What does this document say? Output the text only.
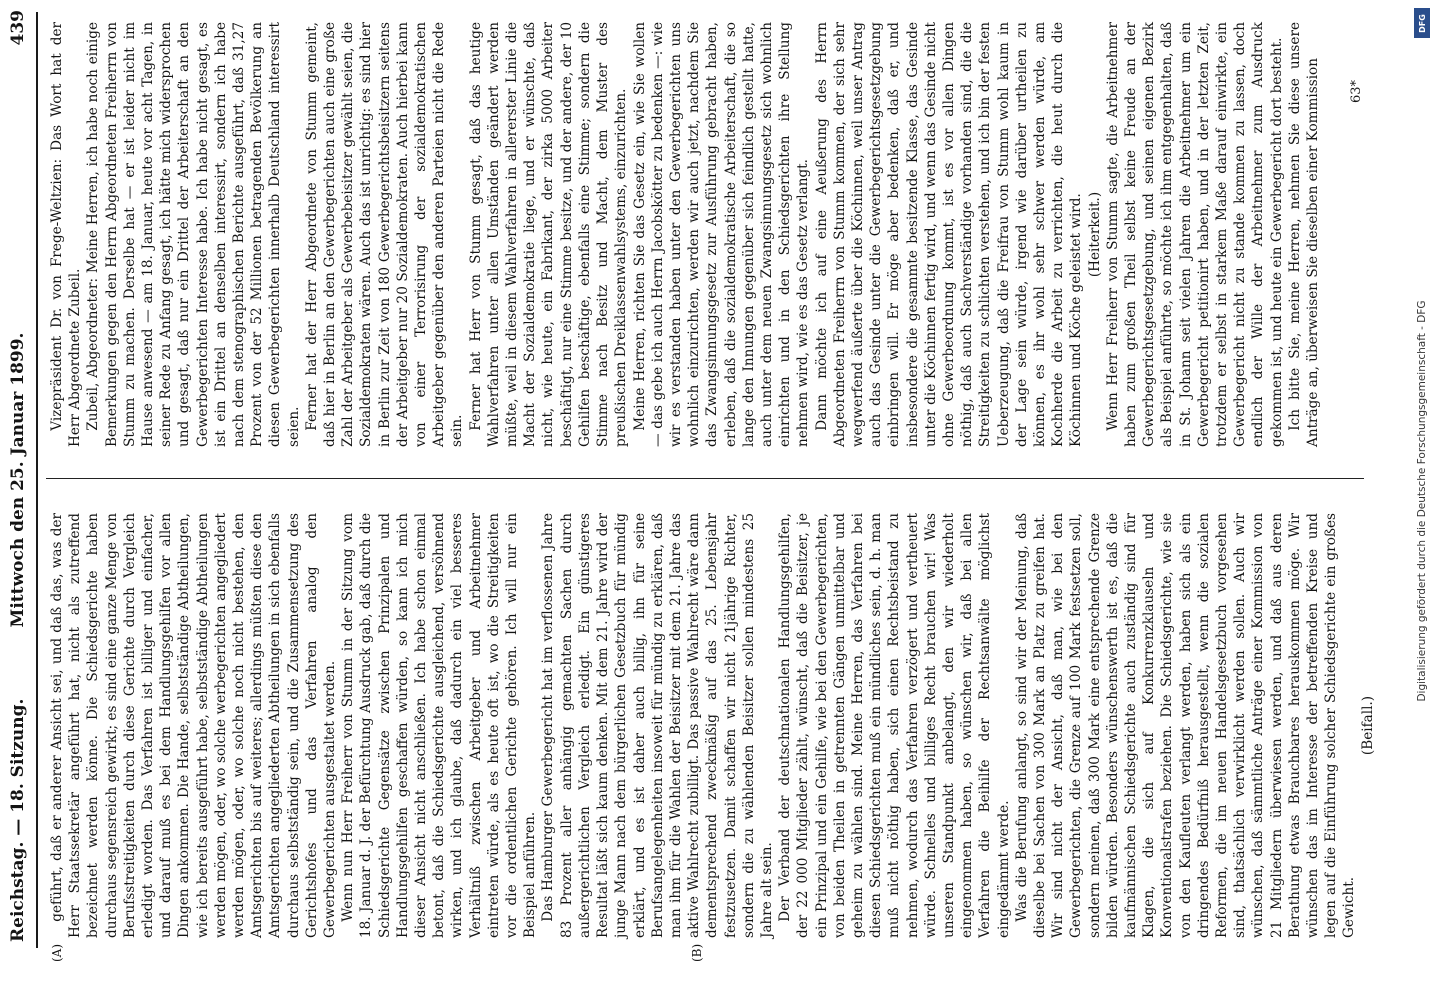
Reichstag. — 18. Sitzung.
Mittwoch den 25. Januar 1899.
439
(A)	(B)

geführt, daß er anderer Ansicht sei, und daß das, was der Herr Staatssekretär angeführt hat, nicht als zutreffend bezeichnet werden könne. Die Schiedsgerichte haben durchaus segensreich gewirkt; es sind eine ganze Menge von Berufsstreitigkeiten durch diese Gerichte durch Vergleich erledigt worden. Das Verfahren ist billiger und einfacher, und darauf muß es bei dem Handlungsgehilfen vor allen Dingen ankommen. Die Hande, selbstständige Abtheilungen, wie ich bereits ausgeführt habe, selbstständige Abtheilungen werden mögen, oder, wo solche werbegerichten angegliedert werden mögen, oder, wo solche noch nicht bestehen, den Amtsgerichten bis auf weiteres; allerdings müßten diese den Amtsgerichten angegliederten Abtheilungen in sich ebenfalls durchaus selbstständig sein, und die Zusammensetzung des Gerichtshofes und das Verfahren analog den Gewerbegerichten ausgestaltet werden. Wenn nun Herr Freiherr von Stumm in der Sitzung vom 18. Januar d. J. der Befürchtung Ausdruck gab, daß durch die Schiedsgerichte Gegensätze zwischen Prinzipalen und Handlungsgehilfen geschaffen würden, so kann ich mich dieser Ansicht nicht anschließen. Ich habe schon einmal betont, daß die Schiedsgerichte ausgleichend, versöhnend wirken, und ich glaube, daß dadurch ein viel besseres Verhältniß zwischen Arbeitgeber und Arbeitnehmer eintreten würde, als es heute oft ist, wo die Streitigkeiten vor die ordentlichen Gerichte gehören. Ich will nur ein Beispiel anführen. Das Hamburger Gewerbegericht hat im verflossenen Jahre 83 Prozent aller anhängig gemachten Sachen durch außergerichtlichen Vergleich erledigt. Ein günstigeres Resultat läßt sich kaum denken. Mit dem 21. Jahre wird der junge Mann nach dem bürgerlichen Gesetzbuch für mündig erklärt, und es ist daher auch billig, ihn für seine Berufsangelegenheiten insoweit für mündig zu erklären, daß man ihm für die Wahlen der Beisitzer mit dem 21. Jahre das aktive Wahlrecht zubilligt. Das passive Wahlrecht wäre dann dementsprechend zweckmäßig auf das 25. Lebensjahr festzusetzen. Damit schaffen wir nicht 21jährige Richter, sondern die zu wählenden Beisitzer sollen mindestens 25 Jahre alt sein. Der Verband der deutschnationalen Handlungsgehilfen, der 22 000 Mitglieder zählt, wünscht, daß die Beisitzer, je ein Prinzipal und ein Gehilfe, wie bei den Gewerbegerichten, von beiden Theilen in getrennten Gängen unmittelbar und geheim zu wählen sind. Meine Herren, das Verfahren bei diesen Schiedsgerichten muß ein mündliches sein, d. h. man muß nicht nöthig haben, sich einen Rechtsbeistand zu nehmen, wodurch das Verfahren verzögert und vertheuert würde. Schnelles und billiges Recht brauchen wir! Was unseren Standpunkt anbelangt, den wir wiederholt eingenommen haben, so wünschen wir, daß bei allen Verfahren die Beihilfe der Rechtsanwälte möglichst eingedämmt werde. Was die Berufung anlangt, so sind wir der Meinung, daß dieselbe bei Sachen von 300 Mark an Platz zu greifen hat. Wir sind nicht der Ansicht, daß man, wie bei den Gewerbegerichten, die Grenze auf 100 Mark festsetzen soll, sondern meinen, daß 300 Mark eine entsprechende Grenze bilden würden. Besonders wünschenswerth ist es, daß die kaufmännischen Schiedsgerichte auch zuständig sind für Klagen, die sich auf Konkurrenzklauseln und Konventionalstrafen beziehen. Die Schiedsgerichte, wie sie von den Kaufleuten verlangt werden, haben sich als ein dringendes Bedürfniß herausgestellt, wenn die sozialen Reformen, die im neuen Handelsgesetzbuch vorgesehen sind, thatsächlich verwirklicht werden sollen. Auch wir wünschen, daß sämmtliche Anträge einer Kommission von 21 Mitgliedern überwiesen werden, und daß aus deren Berathung etwas Brauchbares herauskommen möge. Wir wünschen das im Interesse der betreffenden Kreise und legen auf die Einführung solcher Schiedsgerichte ein großes Gewicht.

(Beifall.)

Vizepräsident Dr. von Frege-Weltzien: Das Wort hat der Herr Abgeordnete Zubeil. Zubeil, Abgeordneter: Meine Herren, ich habe noch einige Bemerkungen gegen den Herrn Abgeordneten Freiherrn von Stumm zu machen. Derselbe hat — er ist leider nicht im Hause anwesend — am 18. Januar, heute vor acht Tagen, in seiner Rede zu Anfang gesagt, ich hätte mich widersprochen und gesagt, daß nur ein Drittel der Arbeiterschaft an den Gewerbegerichten Interesse habe. Ich habe nicht gesagt, es ist ein Drittel an denselben interessirt, sondern ich habe nach dem stenographischen Berichte ausgeführt, daß 31,27 Prozent von der 52 Millionen betragenden Bevölkerung an diesen Gewerbegerichten innerhalb Deutschland interessirt seien. Ferner hat der Herr Abgeordnete von Stumm gemeint, daß hier in Berlin an den Gewerbegerichten auch eine große Zahl der Arbeitgeber als Gewerbebeisitzer gewählt seien, die Sozialdemokraten wären. Auch das ist unrichtig: es sind hier in Berlin zur Zeit von 180 Gewerbegerichtsbeisitzern seitens der Arbeitgeber nur 20 Sozialdemokraten. Auch hierbei kann von einer Terrorisirung der sozialdemokratischen Arbeitgeber gegenüber den anderen Parteien nicht die Rede sein.

Ferner hat Herr von Stumm gesagt, daß das heutige Wahlverfahren unter allen Umständen geändert werden müßte, weil in diesem Wahlverfahren in allererster Linie die Macht der Sozialdemokratie liege, und er wünschte, daß nicht, wie heute, ein Fabrikant, der zirka 5000 Arbeiter beschäftigt, nur eine Stimme besitze, und der andere, der 10 Gehilfen beschäftige, ebenfalls eine Stimme; sondern die Stimme nach Besitz und Macht, dem Muster des preußischen Dreiklassenwahlsystems, einzurichten. Meine Herren, richten Sie das Gesetz ein, wie Sie wollen — das gebe ich auch Herrn Jacobskötter zu bedenken —: wie wir es verstanden haben unter den Gewerbegerichten uns wohnlich einzurichten, werden wir auch jetzt, nachdem Sie das Zwangsinnungsgesetz zur Ausführung gebracht haben, erleben, daß die sozialdemokratische Arbeiterschaft, die so lange den Innungen gegenüber sich feindlich gestellt hatte, auch unter dem neuen Zwangsinnungsgesetz sich wohnlich einrichten und in den Schiedsgerichten ihre Stellung nehmen wird, wie es das Gesetz verlangt. Dann möchte ich auf eine Aeußerung des Herrn Abgeordneten Freiherrn von Stumm kommen, der sich sehr wegwerfend äußerte über die Köchinnen, weil unser Antrag auch das Gesinde unter die Gewerbegerichtsgesetzgebung einbringen will. Er möge aber bedenken, daß er, und insbesondere die gesammte besitzende Klasse, das Gesinde unter die Köchinnen fertig wird, und wenn das Gesinde nicht ohne Gewerbeordnung kommt, ist es vor allen Dingen nöthig, daß auch Sachverständige vorhanden sind, die die Streitigkeiten zu schlichten verstehen, und ich bin der festen Ueberzeugung, daß die Freifrau von Stumm wohl kaum in der Lage sein würde, irgend wie darüber urtheilen zu können, es ihr wohl sehr schwer werden würde, am Kochherde die Arbeit zu verrichten, die heut durch die Köchinnen und Köche geleistet wird. (Heiterkeit.) Wenn Herr Freiherr von Stumm sagte, die Arbeitnehmer haben zum großen Theil selbst keine Freude an der Gewerbegerichtsgesetzgebung, und seinen eigenen Bezirk als Beispiel anführte, so möchte ich ihm entgegenhalten, daß in St. Johann seit vielen Jahren die Arbeitnehmer um ein Gewerbegericht petitionirt haben, und in der letzten Zeit, trotzdem er selbst in starkem Maße darauf einwirkte, ein Gewerbegericht nicht zu stande kommen zu lassen, doch endlich der Wille der Arbeitnehmer zum Ausdruck gekommen ist, und heute ein Gewerbegericht dort besteht. Ich bitte Sie, meine Herren, nehmen Sie diese unsere Anträge an, überweisen Sie dieselben einer Kommission 63*
DFG
Digitalisierung gefördert durch die Deutsche Forschungsgemeinschaft - DFG
